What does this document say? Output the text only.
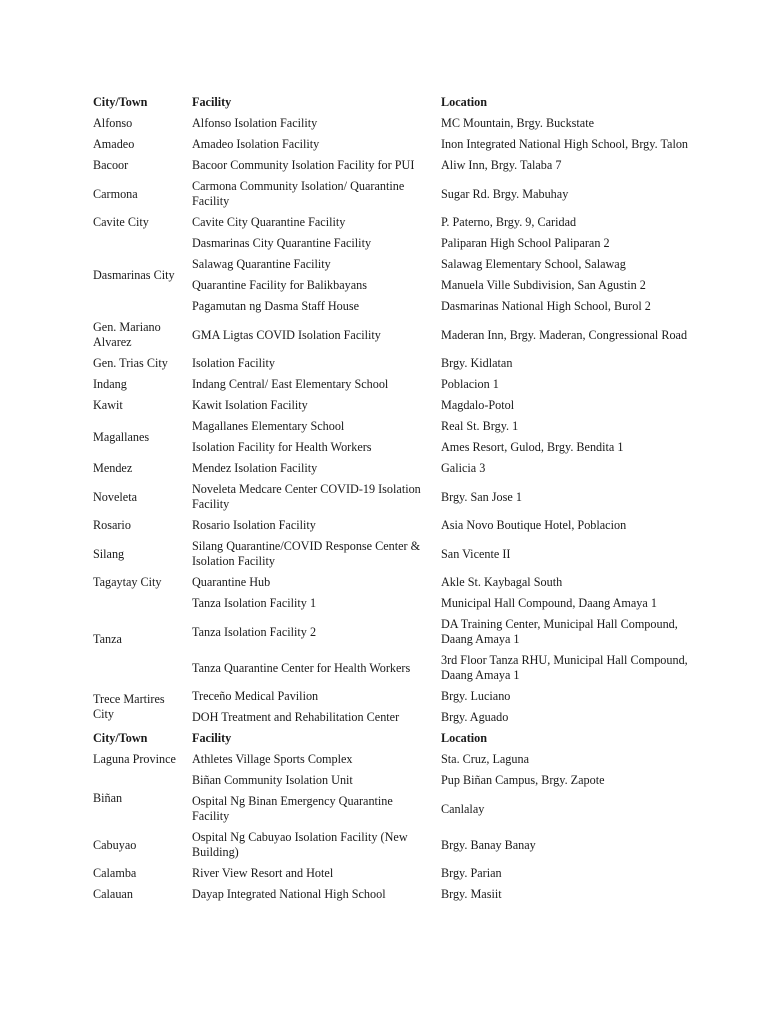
City/Town	Facility	Location
Alfonso	Alfonso Isolation Facility	MC Mountain, Brgy. Buckstate
Amadeo	Amadeo Isolation Facility	Inon Integrated National High School, Brgy. Talon
Bacoor	Bacoor Community Isolation Facility for PUI	Aliw Inn, Brgy. Talaba 7
Carmona	Carmona Community Isolation/ Quarantine Facility	Sugar Rd. Brgy. Mabuhay
Cavite City	Cavite City Quarantine Facility	P. Paterno, Brgy. 9, Caridad
Dasmarinas City	Dasmarinas City Quarantine Facility	Paliparan High School Paliparan 2
	Salawag Quarantine Facility	Salawag Elementary School, Salawag
	Quarantine Facility for Balikbayans	Manuela Ville Subdivision, San Agustin 2
	Pagamutan ng Dasma Staff House	Dasmarinas National High School, Burol 2
Gen. Mariano Alvarez	GMA Ligtas COVID Isolation Facility	Maderan Inn, Brgy. Maderan, Congressional Road
Gen. Trias City	Isolation Facility	Brgy. Kidlatan
Indang	Indang Central/ East Elementary School	Poblacion 1
Kawit	Kawit Isolation Facility	Magdalo-Potol
Magallanes	Magallanes Elementary School	Real St. Brgy. 1
	Isolation Facility for Health Workers	Ames Resort, Gulod, Brgy. Bendita 1
Mendez	Mendez Isolation Facility	Galicia 3
Noveleta	Noveleta Medcare Center COVID-19 Isolation Facility	Brgy. San Jose 1
Rosario	Rosario Isolation Facility	Asia Novo Boutique Hotel, Poblacion
Silang	Silang Quarantine/COVID Response Center & Isolation Facility	San Vicente II
Tagaytay City	Quarantine Hub	Akle St. Kaybagal South
Tanza	Tanza Isolation Facility 1	Municipal Hall Compound, Daang Amaya 1
	Tanza Isolation Facility 2	DA Training Center, Municipal Hall Compound, Daang Amaya 1
	Tanza Quarantine Center for Health Workers	3rd Floor Tanza RHU, Municipal Hall Compound, Daang Amaya 1
Trece Martires City	Treceño Medical Pavilion	Brgy. Luciano
	DOH Treatment and Rehabilitation Center	Brgy. Aguado
City/Town	Facility	Location
Laguna Province	Athletes Village Sports Complex	Sta. Cruz, Laguna
Biñan	Biñan Community Isolation Unit	Pup Biñan Campus, Brgy. Zapote
	Ospital Ng Binan Emergency Quarantine Facility	Canlalay
Cabuyao	Ospital Ng Cabuyao Isolation Facility (New Building)	Brgy. Banay Banay
Calamba	River View Resort and Hotel	Brgy. Parian
Calauan	Dayap Integrated National High School	Brgy. Masiit
